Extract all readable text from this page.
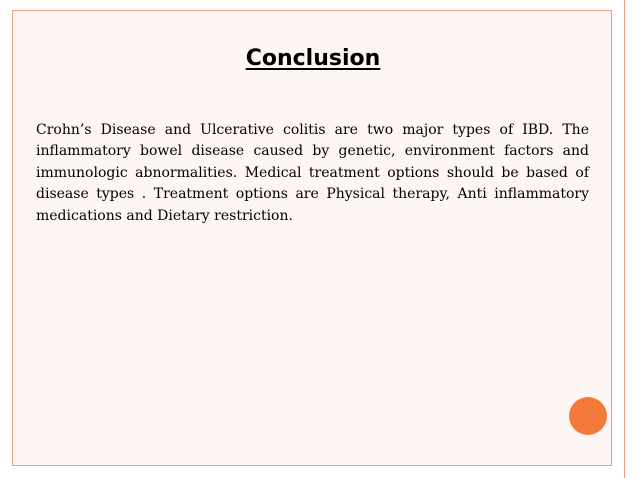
Conclusion
Crohn’s Disease and Ulcerative colitis are two major types of IBD. The inflammatory bowel disease caused by genetic, environment factors and immunologic abnormalities. Medical treatment options should be based of disease types . Treatment options are Physical therapy, Anti inflammatory medications and Dietary restriction.
